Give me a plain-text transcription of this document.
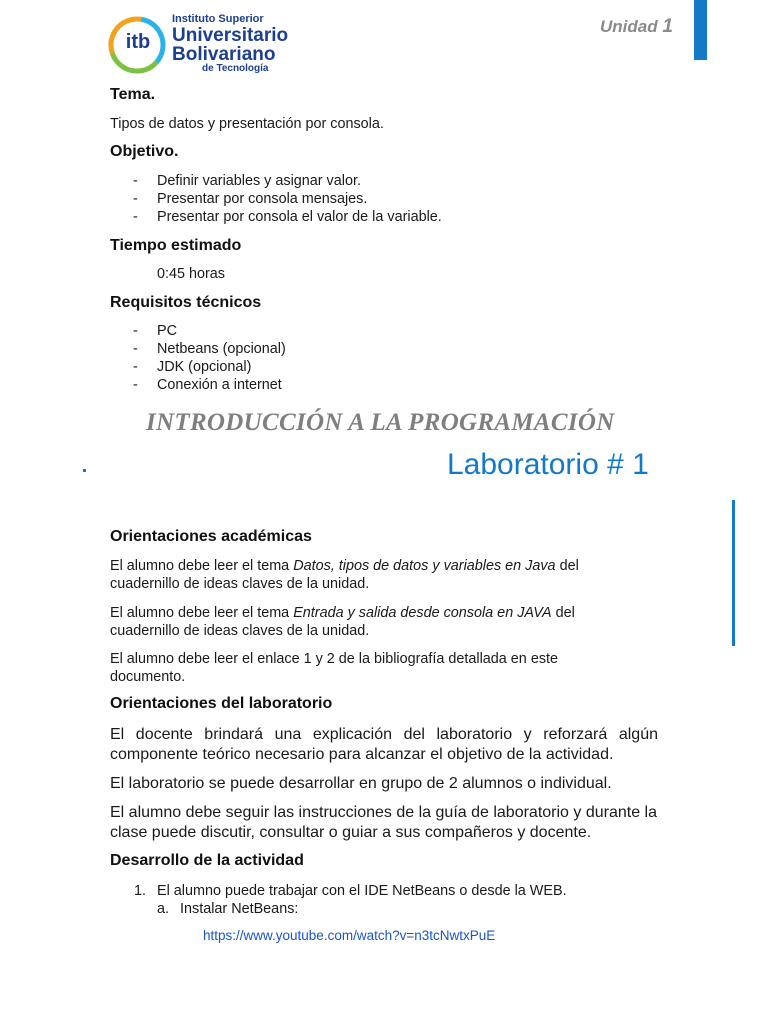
itb
Instituto Superior
Universitario
Bolivariano
de Tecnología
Unidad 1
Tema.
Tipos de datos y presentación por consola.
Objetivo.
- Definir variables y asignar valor.
- Presentar por consola mensajes.
- Presentar por consola el valor de la variable.
Tiempo estimado
0:45 horas
Requisitos técnicos
- PC
- Netbeans (opcional)
- JDK (opcional)
- Conexión a internet
INTRODUCCIÓN A LA PROGRAMACIÓN
Laboratorio # 1
Orientaciones académicas
El alumno debe leer el tema Datos, tipos de datos y variables en Java del cuadernillo de ideas claves de la unidad.
El alumno debe leer el tema Entrada y salida desde consola en JAVA del cuadernillo de ideas claves de la unidad.
El alumno debe leer el enlace 1 y 2 de la bibliografía detallada en este documento.
Orientaciones del laboratorio
El docente brindará una explicación del laboratorio y reforzará algún componente teórico necesario para alcanzar el objetivo de la actividad.
El laboratorio se puede desarrollar en grupo de 2 alumnos o individual.
El alumno debe seguir las instrucciones de la guía de laboratorio y durante la clase puede discutir, consultar o guiar a sus compañeros y docente.
Desarrollo de la actividad
1. El alumno puede trabajar con el IDE NetBeans o desde la WEB.
a. Instalar NetBeans:
https://www.youtube.com/watch?v=n3tcNwtxPuE
